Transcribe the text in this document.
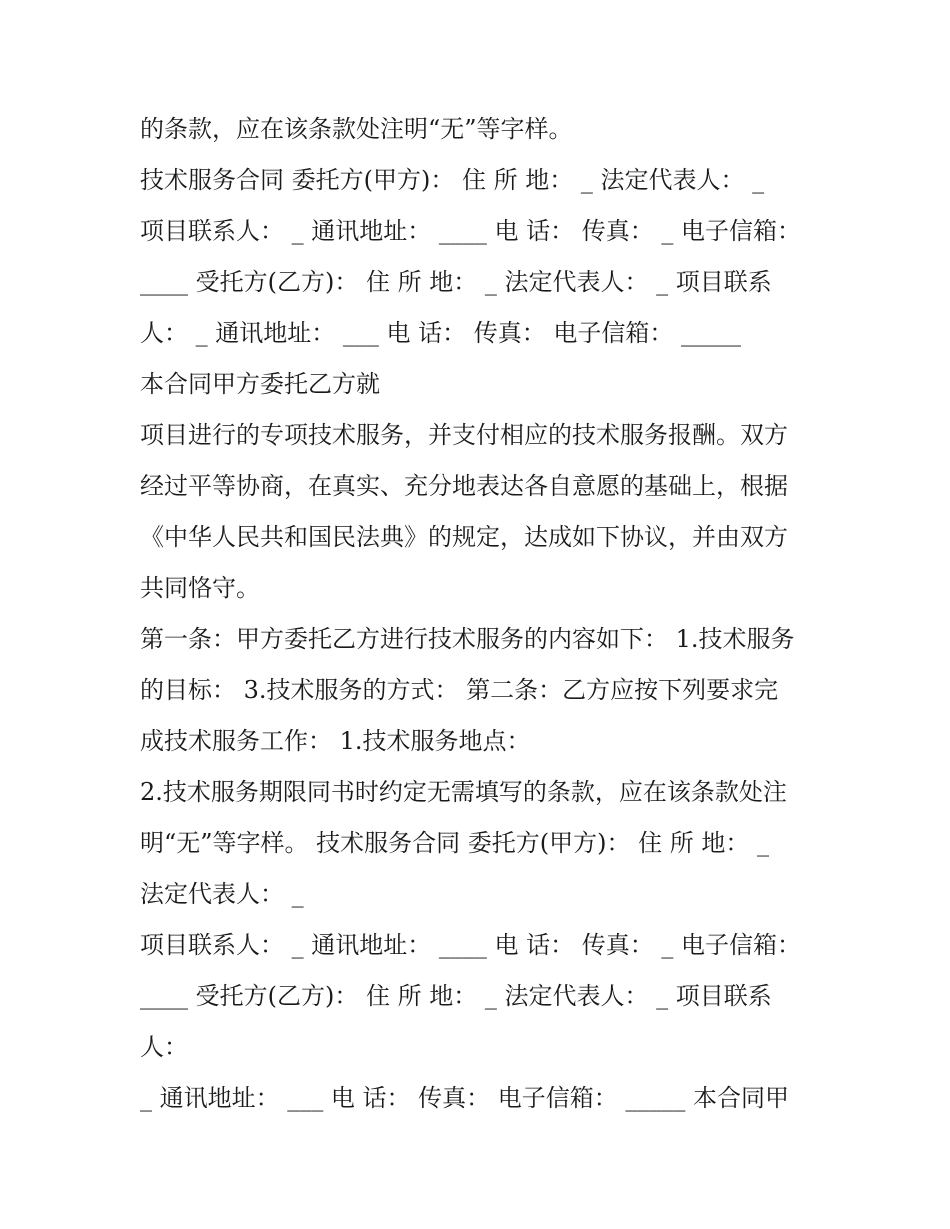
的条款，应在该条款处注明“无”等字样。
技术服务合同 委托方(甲方)： 住 所 地： _ 法定代表人： _
项目联系人： _ 通讯地址： ____ 电 话： 传真： _ 电子信箱：
____ 受托方(乙方)： 住 所 地： _ 法定代表人： _ 项目联系
人： _ 通讯地址： ___ 电 话： 传真： 电子信箱： _____
本合同甲方委托乙方就
项目进行的专项技术服务，并支付相应的技术服务报酬。双方
经过平等协商，在真实、充分地表达各自意愿的基础上，根据
《中华人民共和国民法典》的规定，达成如下协议，并由双方
共同恪守。
第一条：甲方委托乙方进行技术服务的内容如下： 1.技术服务
的目标： 3.技术服务的方式： 第二条：乙方应按下列要求完
成技术服务工作： 1.技术服务地点：
2.技术服务期限同书时约定无需填写的条款，应在该条款处注
明“无”等字样。 技术服务合同 委托方(甲方)： 住 所 地： _
法定代表人： _
项目联系人： _ 通讯地址： ____ 电 话： 传真： _ 电子信箱：
____ 受托方(乙方)： 住 所 地： _ 法定代表人： _ 项目联系
人：
_ 通讯地址： ___ 电 话： 传真： 电子信箱： _____ 本合同甲
